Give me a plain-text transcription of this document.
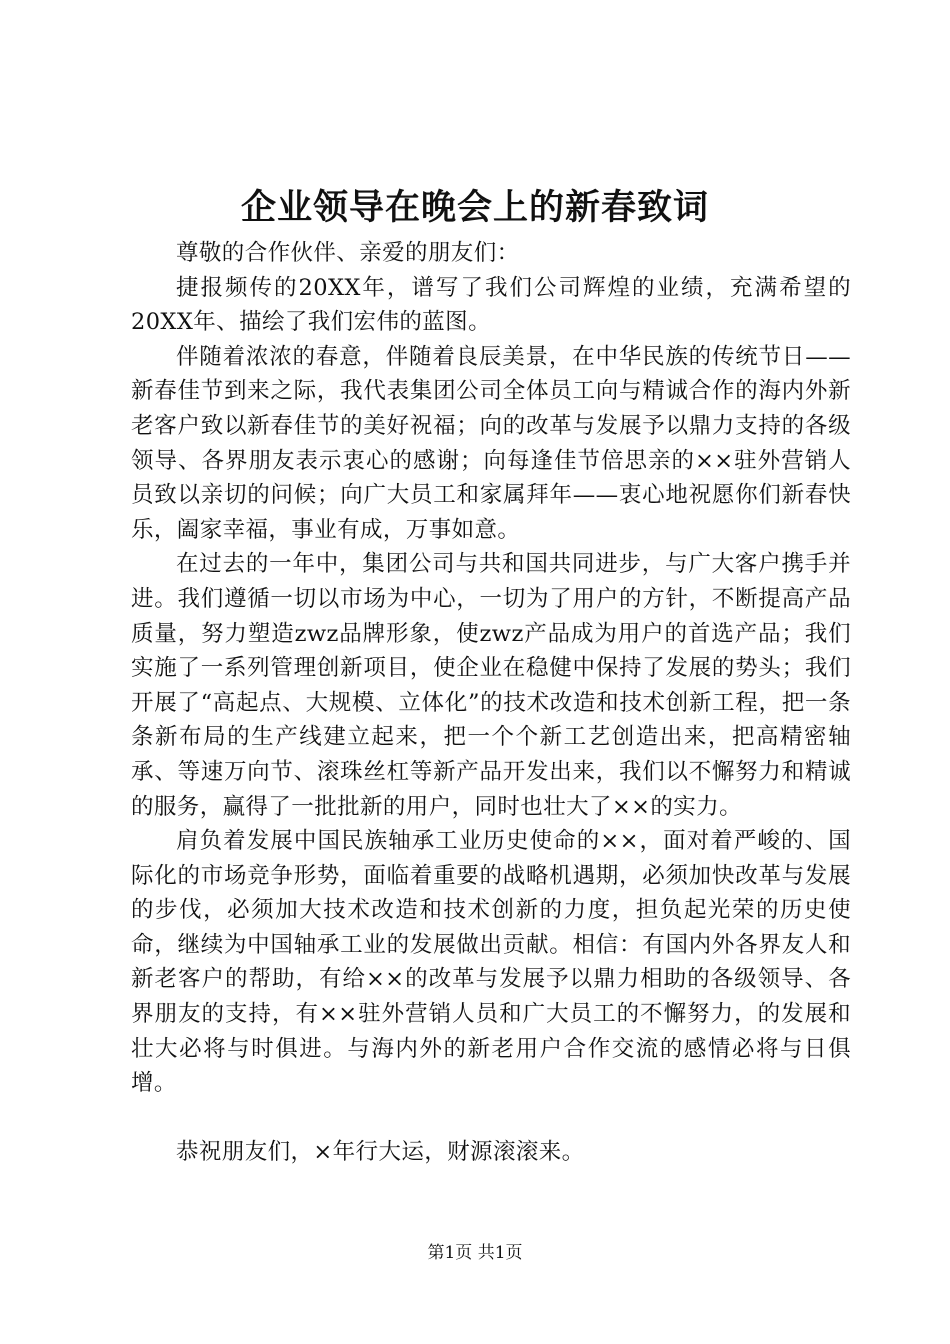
企业领导在晚会上的新春致词

尊敬的合作伙伴、亲爱的朋友们：

捷报频传的20XX年，谱写了我们公司辉煌的业绩，充满希望的20XX年、描绘了我们宏伟的蓝图。

伴随着浓浓的春意，伴随着良辰美景，在中华民族的传统节日——新春佳节到来之际，我代表集团公司全体员工向与精诚合作的海内外新老客户致以新春佳节的美好祝福；向的改革与发展予以鼎力支持的各级领导、各界朋友表示衷心的感谢；向每逢佳节倍思亲的××驻外营销人员致以亲切的问候；向广大员工和家属拜年——衷心地祝愿你们新春快乐，阖家幸福，事业有成，万事如意。

在过去的一年中，集团公司与共和国共同进步，与广大客户携手并进。我们遵循一切以市场为中心，一切为了用户的方针，不断提高产品质量，努力塑造zwz品牌形象，使zwz产品成为用户的首选产品；我们实施了一系列管理创新项目，使企业在稳健中保持了发展的势头；我们开展了“高起点、大规模、立体化”的技术改造和技术创新工程，把一条条新布局的生产线建立起来，把一个个新工艺创造出来，把高精密轴承、等速万向节、滚珠丝杠等新产品开发出来，我们以不懈努力和精诚的服务，赢得了一批批新的用户，同时也壮大了××的实力。

肩负着发展中国民族轴承工业历史使命的××，面对着严峻的、国际化的市场竞争形势，面临着重要的战略机遇期，必须加快改革与发展的步伐，必须加大技术改造和技术创新的力度，担负起光荣的历史使命，继续为中国轴承工业的发展做出贡献。相信：有国内外各界友人和新老客户的帮助，有给××的改革与发展予以鼎力相助的各级领导、各界朋友的支持，有××驻外营销人员和广大员工的不懈努力，的发展和壮大必将与时俱进。与海内外的新老用户合作交流的感情必将与日俱增。

恭祝朋友们，×年行大运，财源滚滚来。

第1页 共1页
